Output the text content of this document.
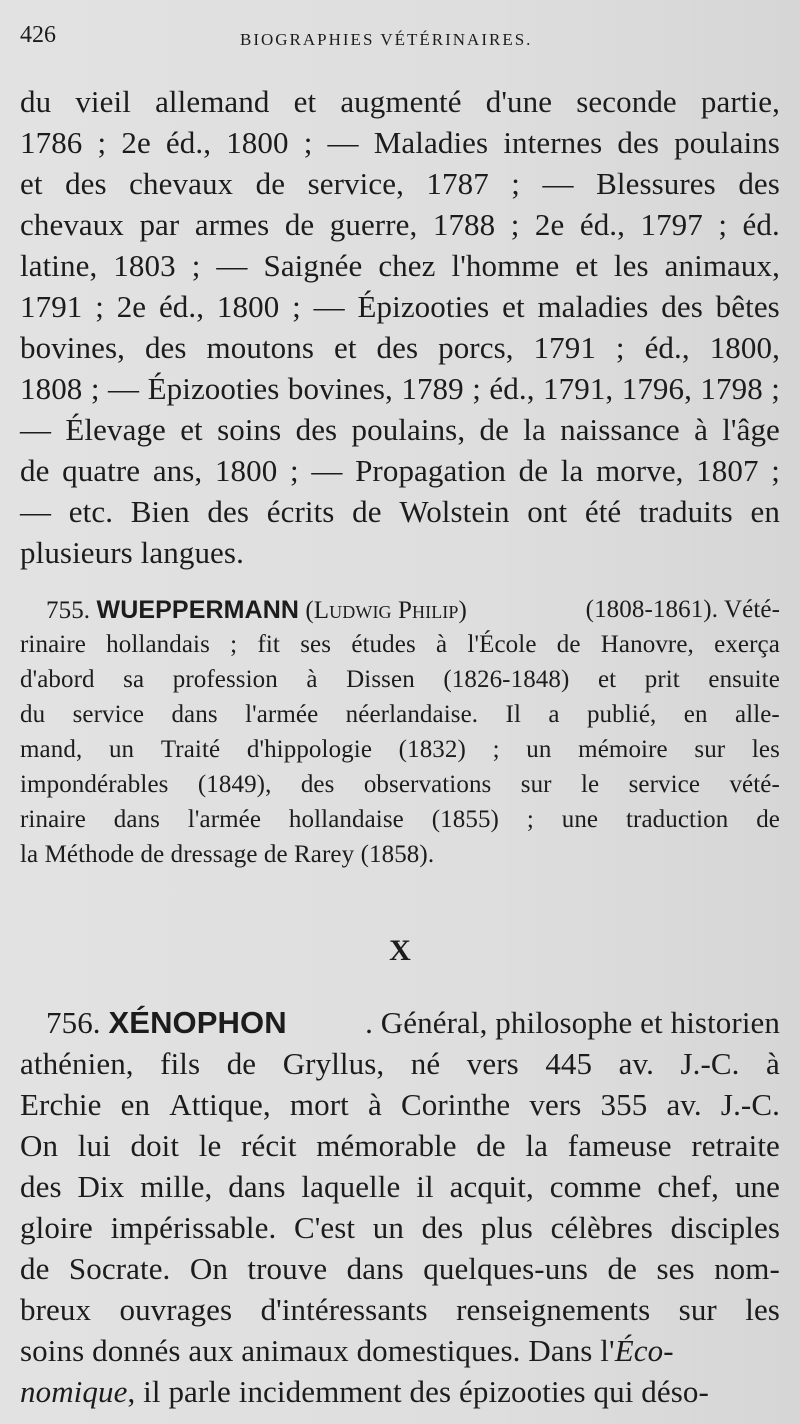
426	BIOGRAPHIES VÉTÉRINAIRES.
du vieil allemand et augmenté d'une seconde partie,
1786 ; 2e éd., 1800 ; — Maladies internes des poulains
et des chevaux de service, 1787 ; — Blessures des
chevaux par armes de guerre, 1788 ; 2e éd., 1797 ; éd.
latine, 1803 ; — Saignée chez l'homme et les animaux,
1791 ; 2e éd., 1800 ; — Épizooties et maladies des bêtes
bovines, des moutons et des porcs, 1791 ; éd., 1800,
1808 ; — Épizooties bovines, 1789 ; éd., 1791, 1796, 1798 ;
— Élevage et soins des poulains, de la naissance à l'âge
de quatre ans, 1800 ; — Propagation de la morve, 1807 ;
— etc. Bien des écrits de Wolstein ont été traduits en
plusieurs langues.
755. WUEPPERMANN (Ludwig Philip)	(1808-1861). Vété-
rinaire hollandais ; fit ses études à l'École de Hanovre, exerça
d'abord sa profession à Dissen (1826-1848) et prit ensuite
du service dans l'armée néerlandaise. Il a publié, en alle-
mand, un Traité d'hippologie (1832) ; un mémoire sur les
impondérables (1849), des observations sur le service vété-
rinaire dans l'armée hollandaise (1855) ; une traduction de
la Méthode de dressage de Rarey (1858).
X
756. XÉNOPHON	. Général, philosophe et historien
athénien, fils de Gryllus, né vers 445 av. J.-C. à
Erchie en Attique, mort à Corinthe vers 355 av. J.-C.
On lui doit le récit mémorable de la fameuse retraite
des Dix mille, dans laquelle il acquit, comme chef, une
gloire impérissable. C'est un des plus célèbres disciples
de Socrate. On trouve dans quelques-uns de ses nom-
breux ouvrages d'intéressants renseignements sur les
soins donnés aux animaux domestiques. Dans l'Éco-
nomique, il parle incidemment des épizooties qui déso-
